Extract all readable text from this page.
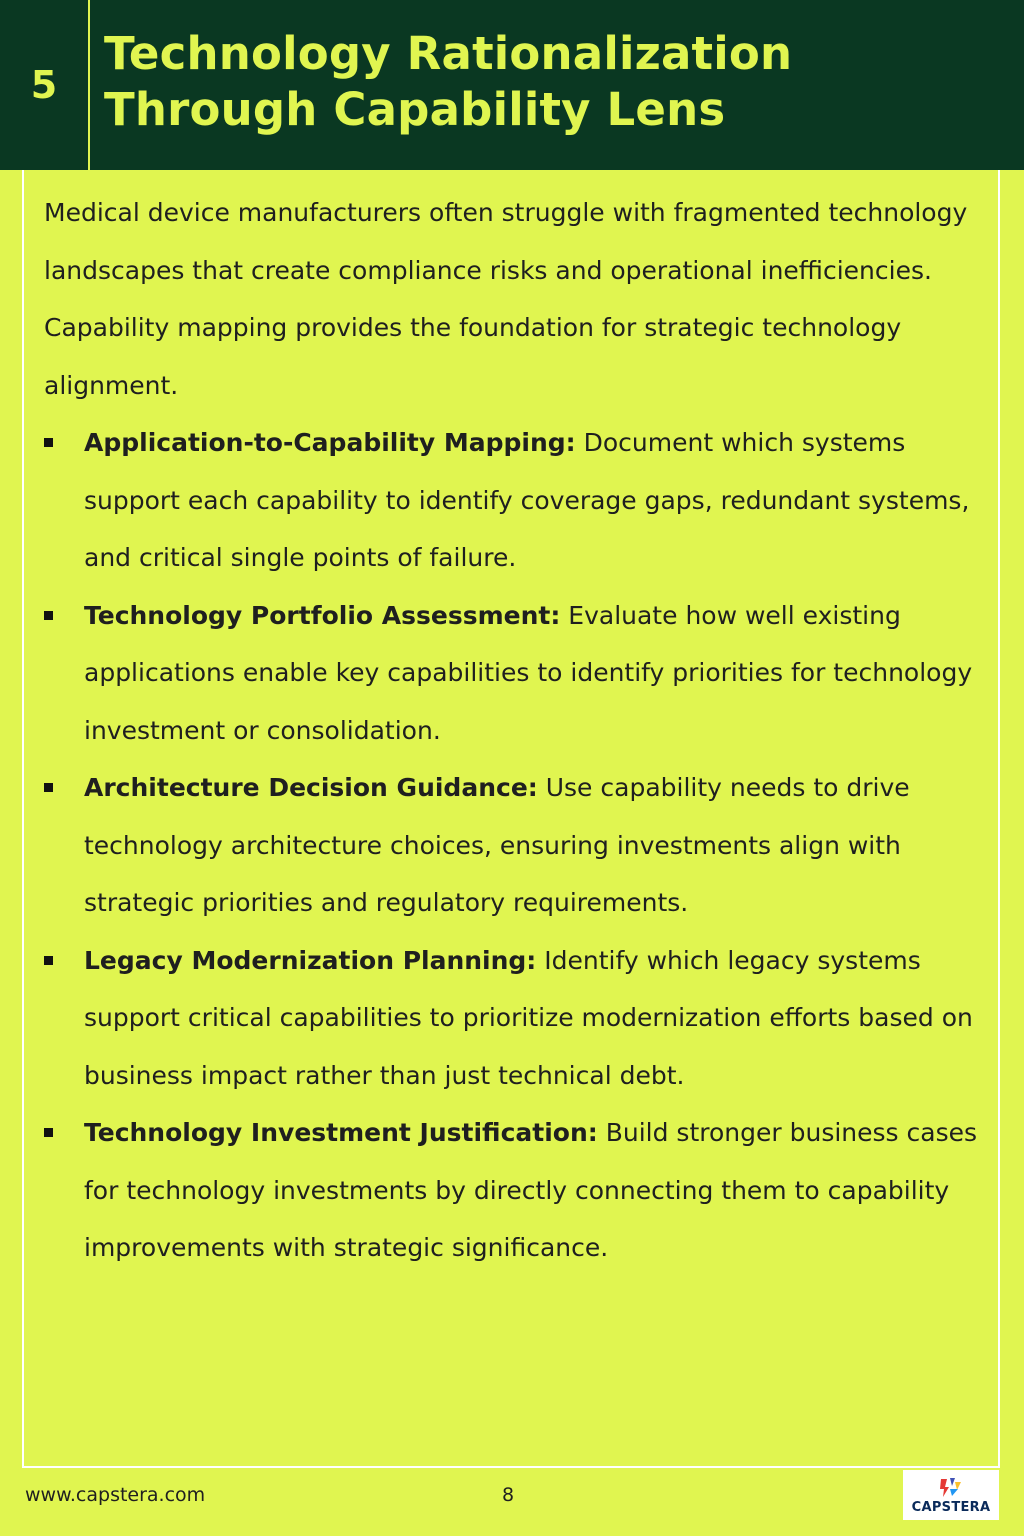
5
Technology Rationalization Through Capability Lens

Medical device manufacturers often struggle with fragmented technology landscapes that create compliance risks and operational inefficiencies. Capability mapping provides the foundation for strategic technology alignment.

Application-to-Capability Mapping: Document which systems support each capability to identify coverage gaps, redundant systems, and critical single points of failure.
Technology Portfolio Assessment: Evaluate how well existing applications enable key capabilities to identify priorities for technology investment or consolidation.
Architecture Decision Guidance: Use capability needs to drive technology architecture choices, ensuring investments align with strategic priorities and regulatory requirements.
Legacy Modernization Planning: Identify which legacy systems support critical capabilities to prioritize modernization efforts based on business impact rather than just technical debt.
Technology Investment Justification: Build stronger business cases for technology investments by directly connecting them to capability improvements with strategic significance.
www.capstera.com	8
CAPSTERA
